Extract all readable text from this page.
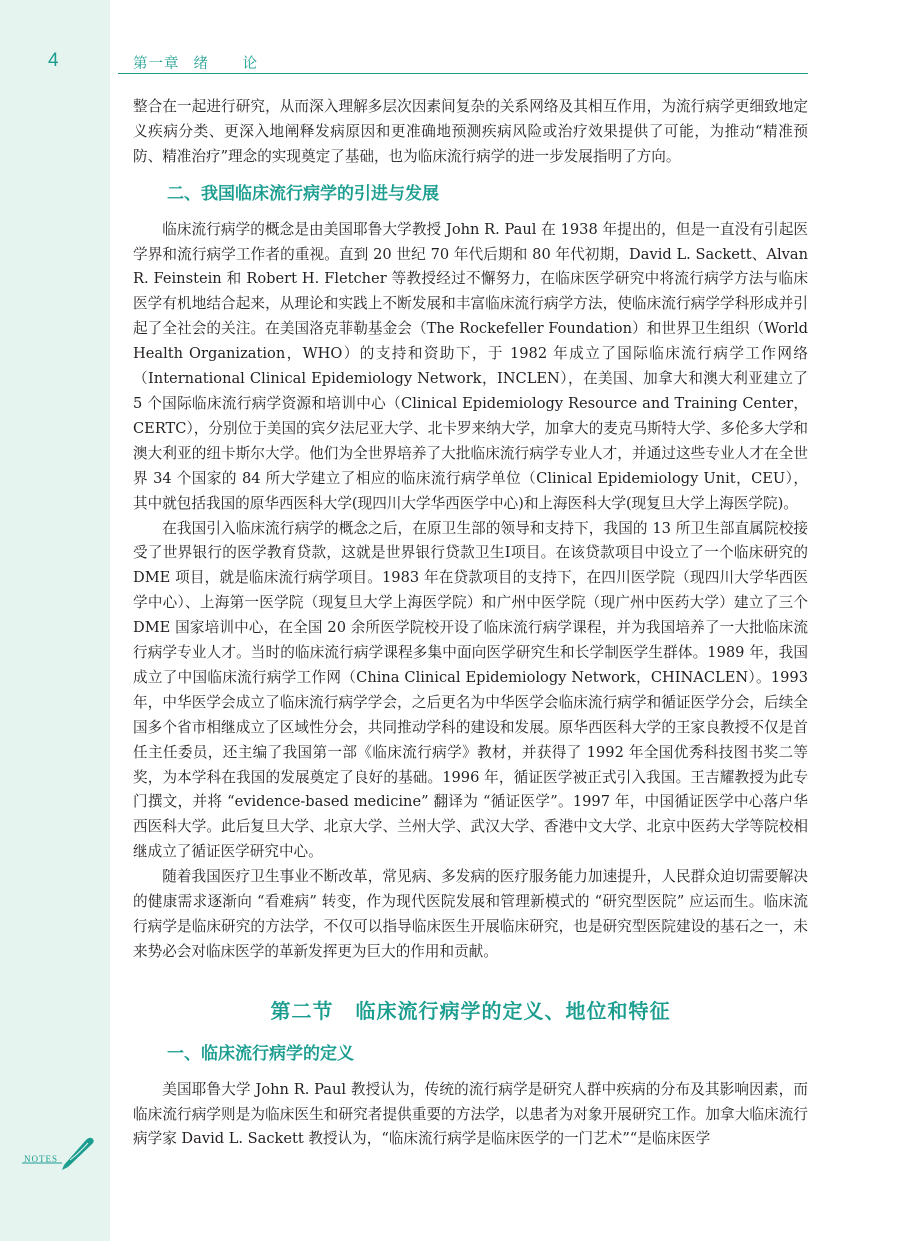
4	第一章 绪　论

整合在一起进行研究，从而深入理解多层次因素间复杂的关系网络及其相互作用，为流行病学更细致地定义疾病分类、更深入地阐释发病原因和更准确地预测疾病风险或治疗效果提供了可能，为推动“精准预防、精准治疗”理念的实现奠定了基础，也为临床流行病学的进一步发展指明了方向。

二、我国临床流行病学的引进与发展

临床流行病学的概念是由美国耶鲁大学教授 John R. Paul 在 1938 年提出的，但是一直没有引起医学界和流行病学工作者的重视。直到 20 世纪 70 年代后期和 80 年代初期，David L. Sackett、Alvan R. Feinstein 和 Robert H. Fletcher 等教授经过不懈努力，在临床医学研究中将流行病学方法与临床医学有机地结合起来，从理论和实践上不断发展和丰富临床流行病学方法，使临床流行病学学科形成并引起了全社会的关注。在美国洛克菲勒基金会（The Rockefeller Foundation）和世界卫生组织（World Health Organization，WHO）的支持和资助下，于 1982 年成立了国际临床流行病学工作网络（International Clinical Epidemiology Network，INCLEN），在美国、加拿大和澳大利亚建立了 5 个国际临床流行病学资源和培训中心（Clinical Epidemiology Resource and Training Center，CERTC），分别位于美国的宾夕法尼亚大学、北卡罗来纳大学，加拿大的麦克马斯特大学、多伦多大学和澳大利亚的纽卡斯尔大学。他们为全世界培养了大批临床流行病学专业人才，并通过这些专业人才在全世界 34 个国家的 84 所大学建立了相应的临床流行病学单位（Clinical Epidemiology Unit，CEU），其中就包括我国的原华西医科大学(现四川大学华西医学中心)和上海医科大学(现复旦大学上海医学院)。

在我国引入临床流行病学的概念之后，在原卫生部的领导和支持下，我国的 13 所卫生部直属院校接受了世界银行的医学教育贷款，这就是世界银行贷款卫生Ⅰ项目。在该贷款项目中设立了一个临床研究的 DME 项目，就是临床流行病学项目。1983 年在贷款项目的支持下，在四川医学院（现四川大学华西医学中心）、上海第一医学院（现复旦大学上海医学院）和广州中医学院（现广州中医药大学）建立了三个 DME 国家培训中心，在全国 20 余所医学院校开设了临床流行病学课程，并为我国培养了一大批临床流行病学专业人才。当时的临床流行病学课程多集中面向医学研究生和长学制医学生群体。1989 年，我国成立了中国临床流行病学工作网（China Clinical Epidemiology Network，CHINACLEN）。1993 年，中华医学会成立了临床流行病学学会，之后更名为中华医学会临床流行病学和循证医学分会，后续全国多个省市相继成立了区域性分会，共同推动学科的建设和发展。原华西医科大学的王家良教授不仅是首任主任委员，还主编了我国第一部《临床流行病学》教材，并获得了 1992 年全国优秀科技图书奖二等奖，为本学科在我国的发展奠定了良好的基础。1996 年，循证医学被正式引入我国。王吉耀教授为此专门撰文，并将 “evidence-based medicine” 翻译为 “循证医学”。1997 年，中国循证医学中心落户华西医科大学。此后复旦大学、北京大学、兰州大学、武汉大学、香港中文大学、北京中医药大学等院校相继成立了循证医学研究中心。

随着我国医疗卫生事业不断改革，常见病、多发病的医疗服务能力加速提升，人民群众迫切需要解决的健康需求逐渐向 “看难病” 转变，作为现代医院发展和管理新模式的 “研究型医院” 应运而生。临床流行病学是临床研究的方法学，不仅可以指导临床医生开展临床研究，也是研究型医院建设的基石之一，未来势必会对临床医学的革新发挥更为巨大的作用和贡献。

第二节 临床流行病学的定义、地位和特征
一、临床流行病学的定义

美国耶鲁大学 John R. Paul 教授认为，传统的流行病学是研究人群中疾病的分布及其影响因素，而临床流行病学则是为临床医生和研究者提供重要的方法学，以患者为对象开展研究工作。加拿大临床流行病学家 David L. Sackett 教授认为，“临床流行病学是临床医学的一门艺术”“是临床医学

NOTES
